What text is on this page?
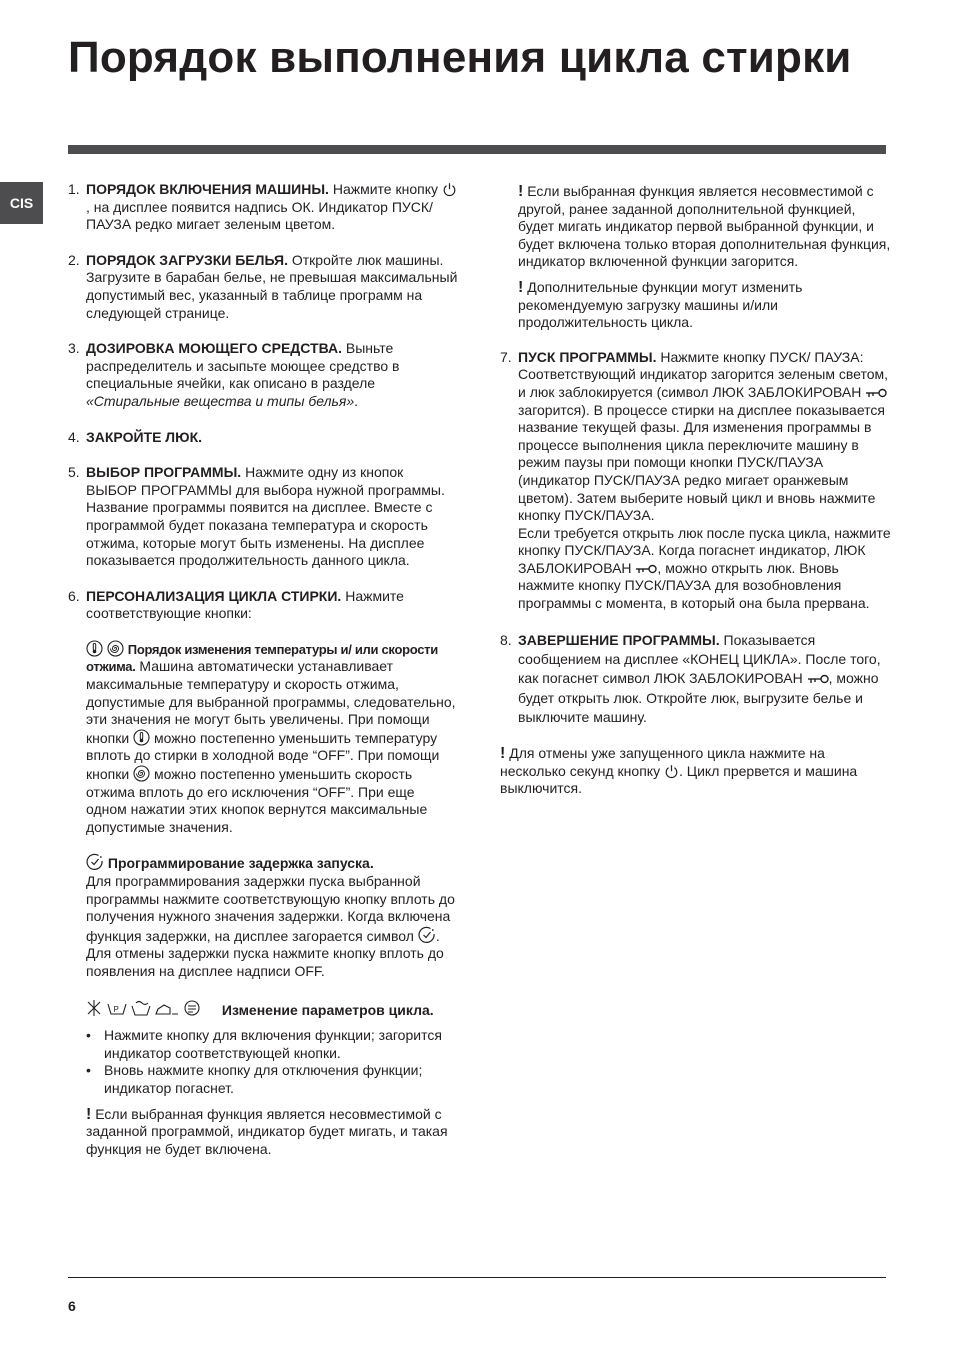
Порядок выполнения цикла стирки
CIS
1. ПОРЯДОК ВКЛЮЧЕНИЯ МАШИНЫ. Нажмите кнопку
, на дисплее появится надпись ОК. Индикатор ПУСК/ПАУЗА редко мигает зеленым цветом.
2. ПОРЯДОК ЗАГРУЗКИ БЕЛЬЯ. Откройте люк машины. Загрузите в барабан белье, не превышая максимальный допустимый вес, указанный в таблице программ на следующей странице.
3. ДОЗИРОВКА МОЮЩЕГО СРЕДСТВА. Выньте распределитель и засыпьте моющее средство в специальные ячейки, как описано в разделе «Стиральные вещества и типы белья».
4. ЗАКРОЙТЕ ЛЮК.
5. ВЫБОР ПРОГРАММЫ. Нажмите одну из кнопок ВЫБОР ПРОГРАММЫ для выбора нужной программы. Название программы появится на дисплее. Вместе с программой будет показана температура и скорость отжима, которые могут быть изменены. На дисплее показывается продолжительность данного цикла.
6. ПЕРСОНАЛИЗАЦИЯ ЦИКЛА СТИРКИ. Нажмите соответствующие кнопки:

Порядок изменения температуры и/ или скорости отжима. Машина автоматически устанавливает максимальные температуру и скорость отжима, допустимые для выбранной программы, следовательно, эти значения не могут быть увеличены. При помощи кнопки
можно постепенно уменьшить температуру вплоть до стирки в холодной воде “OFF”. При помощи кнопки
можно постепенно уменьшить скорость отжима вплоть до его исключения “OFF”. При еще одном нажатии этих кнопок вернутся максимальные допустимые значения.
Программирование задержка запуска.
Для программирования задержки пуска выбранной программы нажмите соответствующую кнопку вплоть до получения нужного значения задержки. Когда включена функция задержки, на дисплее загорается символ
. Для отмены задержки пуска нажмите кнопку вплоть до появления на дисплее надписи OFF.
P	Изменение параметров цикла.
• Нажмите кнопку для включения функции; загорится индикатор соответствующей кнопки.
• Вновь нажмите кнопку для отключения функции; индикатор погаснет.
! Если выбранная функция является несовместимой с заданной программой, индикатор будет мигать, и такая функция не будет включена.
! Если выбранная функция является несовместимой с другой, ранее заданной дополнительной функцией, будет мигать индикатор первой выбранной функции, и будет включена только вторая дополнительная функция, индикатор включенной функции загорится.
! Дополнительные функции могут изменить рекомендуемую загрузку машины и/или продолжительность цикла.
7. ПУСК ПРОГРАММЫ. Нажмите кнопку ПУСК/ ПАУЗА: Соответствующий индикатор загорится зеленым светом, и люк заблокируется (символ ЛЮК ЗАБЛОКИРОВАН
загорится). В процессе стирки на дисплее показывается название текущей фазы. Для изменения программы в процессе выполнения цикла переключите машину в режим паузы при помощи кнопки ПУСК/ПАУЗА (индикатор ПУСК/ПАУЗА редко мигает оранжевым цветом). Затем выберите новый цикл и вновь нажмите кнопку ПУСК/ПАУЗА.
Если требуется открыть люк после пуска цикла, нажмите кнопку ПУСК/ПАУЗА. Когда погаснет индикатор, ЛЮК ЗАБЛОКИРОВАН
, можно открыть люк. Вновь нажмите кнопку ПУСК/ПАУЗА для возобновления программы с момента, в который она была прервана.
8. ЗАВЕРШЕНИЕ ПРОГРАММЫ. Показывается сообщением на дисплее «КОНЕЦ ЦИКЛА». После того, как погаснет символ ЛЮК ЗАБЛОКИРОВАН
, можно будет открыть люк. Откройте люк, выгрузите белье и выключите машину.
! Для отмены уже запущенного цикла нажмите на несколько секунд кнопку
. Цикл прервется и машина выключится.
6
